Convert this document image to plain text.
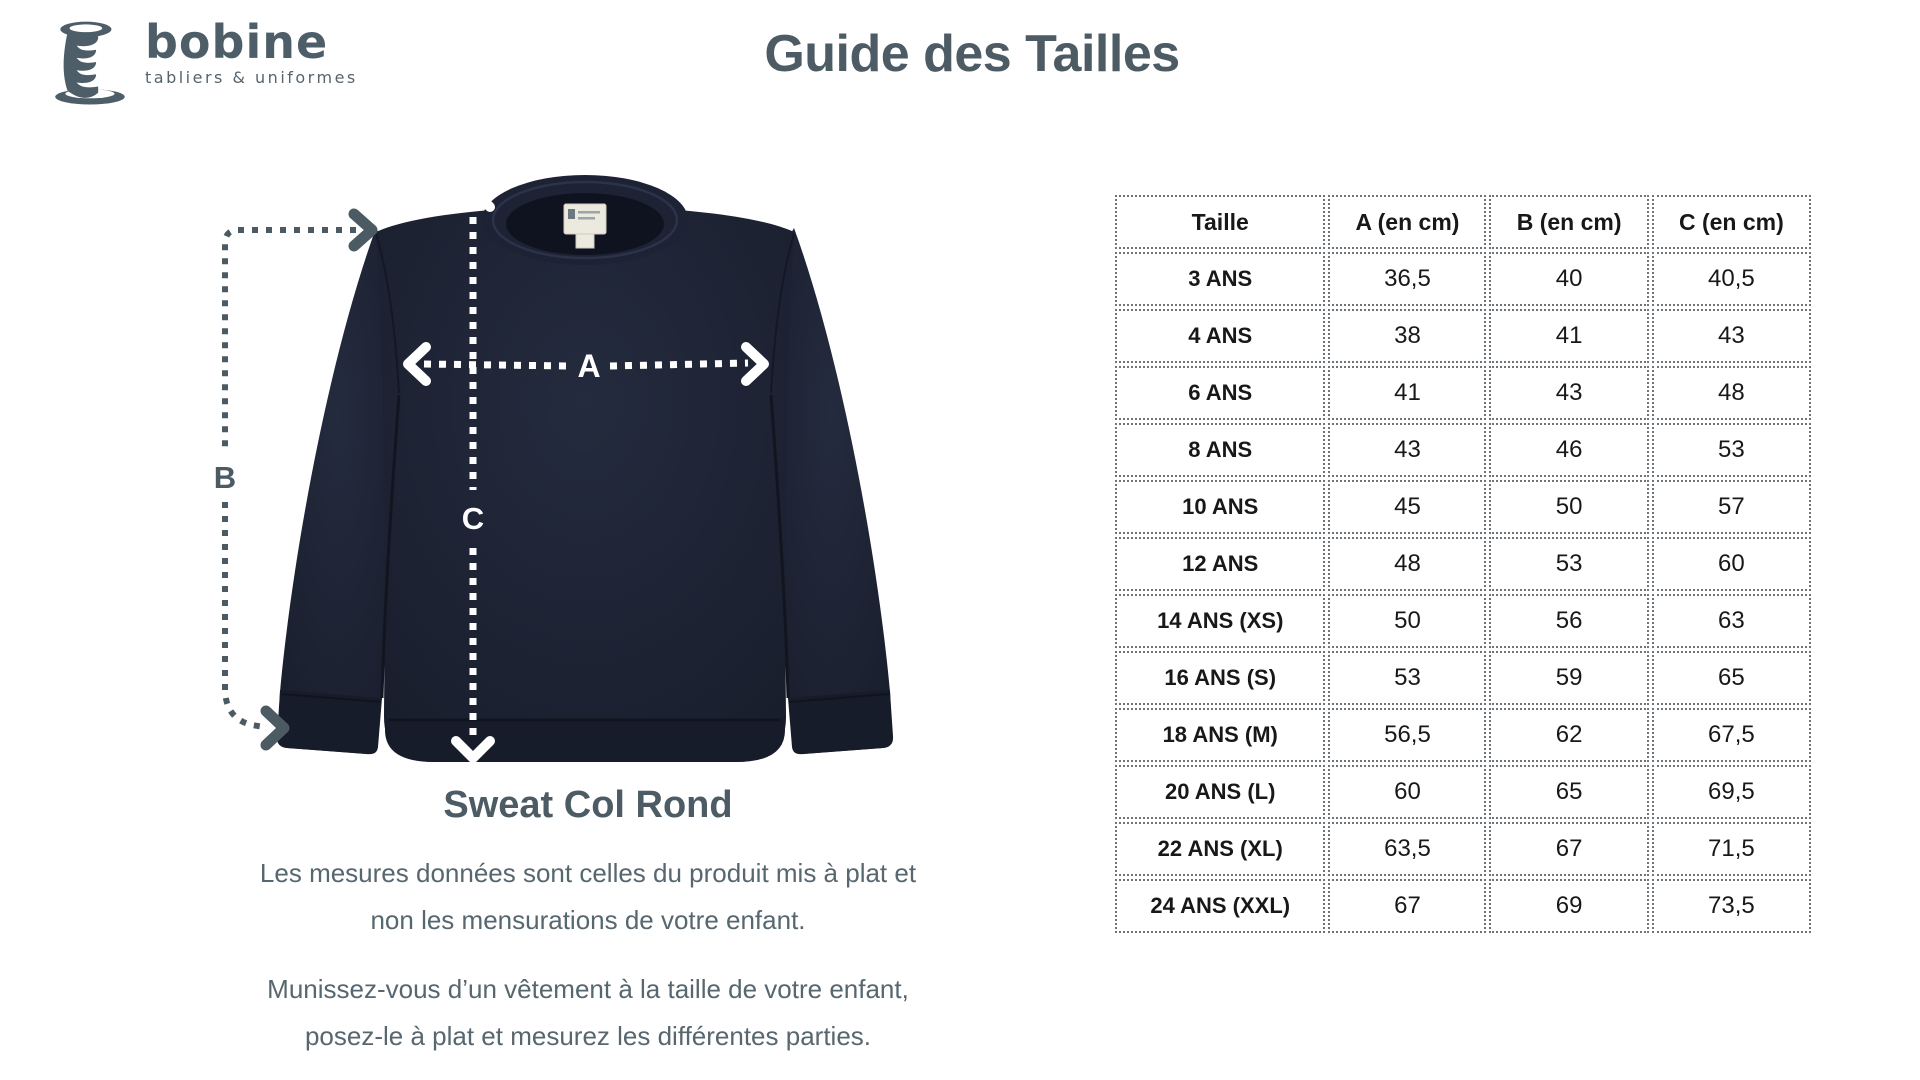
bobine
tabliers & uniformes	Guide des Tailles
B
C
A
Sweat Col Rond
Les mesures données sont celles du produit mis à plat et
non les mensurations de votre enfant.
Munissez-vous d’un vêtement à la taille de votre enfant,
posez-le à plat et mesurez les différentes parties.
Taille	A (en cm)	B (en cm)	C (en cm)
3 ANS	36,5	40	40,5
4 ANS	38	41	43
6 ANS	41	43	48
8 ANS	43	46	53
10 ANS	45	50	57
12 ANS	48	53	60
14 ANS (XS)	50	56	63
16 ANS (S)	53	59	65
18 ANS (M)	56,5	62	67,5
20 ANS (L)	60	65	69,5
22 ANS (XL)	63,5	67	71,5
24 ANS (XXL)	67	69	73,5
